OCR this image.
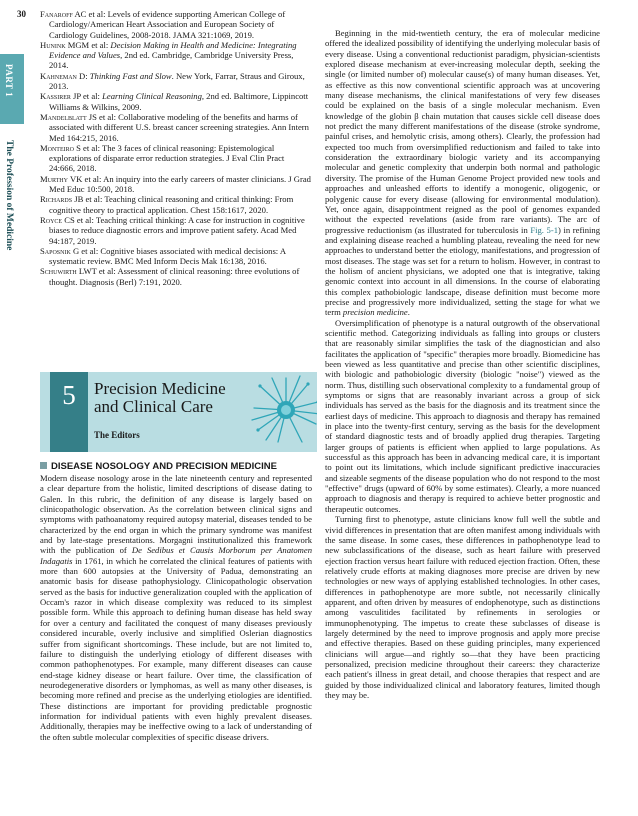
30
PART 1
The Profession of Medicine
Fanaroff AC et al: Levels of evidence supporting American College of Cardiology/American Heart Association and European Society of Cardiology Guidelines, 2008-2018. JAMA 321:1069, 2019.
Hunink MGM et al: Decision Making in Health and Medicine: Integrating Evidence and Values, 2nd ed. Cambridge, Cambridge University Press, 2014.
Kahneman D: Thinking Fast and Slow. New York, Farrar, Straus and Giroux, 2013.
Kassirer JP et al: Learning Clinical Reasoning, 2nd ed. Baltimore, Lippincott Williams & Wilkins, 2009.
Mandelblatt JS et al: Collaborative modeling of the benefits and harms of associated with different U.S. breast cancer screening strategies. Ann Intern Med 164:215, 2016.
Monteiro S et al: The 3 faces of clinical reasoning: Epistemological explorations of disparate error reduction strategies. J Eval Clin Pract 24:666, 2018.
Murthy VK et al: An inquiry into the early careers of master clinicians. J Grad Med Educ 10:500, 2018.
Richards JB et al: Teaching clinical reasoning and critical thinking: From cognitive theory to practical application. Chest 158:1617, 2020.
Royce CS et al: Teaching critical thinking: A case for instruction in cognitive biases to reduce diagnostic errors and improve patient safety. Acad Med 94:187, 2019.
Saposnik G et al: Cognitive biases associated with medical decisions: A systematic review. BMC Med Inform Decis Mak 16:138, 2016.
Schuwirth LWT et al: Assessment of clinical reasoning: three evolutions of thought. Diagnosis (Berl) 7:191, 2020.
5	Precision Medicine and Clinical Care
The Editors
DISEASE NOSOLOGY AND PRECISION MEDICINE

Modern disease nosology arose in the late nineteenth century and represented a clear departure from the holistic, limited descriptions of disease dating to Galen. In this rubric, the definition of any disease is largely based on clinicopathologic observation. As the correlation between clinical signs and symptoms with pathoanatomy required autopsy material, diseases tended to be characterized by the end organ in which the primary syndrome was manifest and by late-stage presentations. Morgagni institutionalized this framework with the publication of De Sedibus et Causis Morborum per Anatomen Indagatis in 1761, in which he correlated the clinical features of patients with more than 600 autopsies at the University of Padua, demonstrating an anatomic basis for disease pathophysiology. Clinicopathologic observation served as the basis for inductive generalization coupled with the application of Occam's razor in which disease complexity was reduced to its simplest possible form. While this approach to defining human disease has held sway for over a century and facilitated the conquest of many diseases previously considered incurable, overly inclusive and simplified Oslerian diagnostics suffer from significant shortcomings. These include, but are not limited to, failure to distinguish the underlying etiology of different diseases with common pathophenotypes. For example, many different diseases can cause end-stage kidney disease or heart failure. Over time, the classification of neurodegenerative disorders or lymphomas, as well as many other diseases, is becoming more refined and precise as the underlying etiologies are identified. These distinctions are important for providing predictable prognostic information for individual patients with even highly prevalent diseases. Additionally, therapies may be ineffective owing to a lack of understanding of the often subtle molecular complexities of specific disease drivers.

Beginning in the mid-twentieth century, the era of molecular medicine offered the idealized possibility of identifying the underlying molecular basis of every disease. Using a conventional reductionist paradigm, physician-scientists explored disease mechanism at ever-increasing molecular depth, seeking the single (or limited number of) molecular cause(s) of many human diseases. Yet, as effective as this now conventional scientific approach was at uncovering many disease mechanisms, the clinical manifestations of very few diseases could be explained on the basis of a single molecular mechanism. Even knowledge of the globin β chain mutation that causes sickle cell disease does not predict the many different manifestations of the disease (stroke syndrome, painful crises, and hemolytic crisis, among others). Clearly, the profession had expected too much from oversimplified reductionism and failed to take into consideration the extraordinary biologic variety and its accompanying molecular and genetic complexity that underpin both normal and pathologic diversity. The promise of the Human Genome Project provided new tools and approaches and unleashed efforts to identify a monogenic, oligogenic, or polygenic cause for every disease (allowing for environmental modulation). Yet, once again, disappointment reigned as the pool of genomes expanded without the expected revelations (aside from rare variants). The arc of progressive reductionism (as illustrated for tuberculosis in Fig. 5-1) in refining and explaining disease reached a humbling plateau, revealing the need for new approaches to understand better the etiology, manifestations, and progression of most diseases. The stage was set for a return to holism. However, in contrast to the holism of ancient physicians, we adopted one that is integrative, taking genomic context into account in all dimensions. In the course of elaborating this complex pathobiologic landscape, disease definition must become more precise and progressively more individualized, setting the stage for what we term precision medicine.

Oversimplification of phenotype is a natural outgrowth of the observational scientific method. Categorizing individuals as falling into groups or clusters that are reasonably similar simplifies the task of the diagnostician and also facilitates the application of "specific" therapies more broadly. Biomedicine has been viewed as less quantitative and precise than other scientific disciplines, with biologic and pathobiologic diversity (biologic "noise") viewed as the norm. Thus, distilling such observational complexity to a fundamental group of symptoms or signs that are reasonably invariant across a group of sick individuals has served as the basis for the diagnosis and its treatment since the earliest days of medicine. This approach to diagnosis and therapy has remained in place into the twenty-first century, serving as the basis for the development of standard diagnostic tests and of broadly applied drug therapies. Targeting larger groups of patients is efficient when applied to large populations. As successful as this approach has been in advancing medical care, it is important to point out its limitations, which include significant predictive inaccuracies and sizeable segments of the disease population who do not respond to the most "effective" drugs (upward of 60% by some estimates). Clearly, a more nuanced approach to diagnosis and therapy is required to achieve better prognostic and therapeutic outcomes.

Turning first to phenotype, astute clinicians know full well the subtle and vivid differences in presentation that are often manifest among individuals with the same disease. In some cases, these differences in pathophenotype lead to new subclassifications of the disease, such as heart failure with preserved ejection fraction versus heart failure with reduced ejection fraction. Often, these relatively crude efforts at making diagnoses more precise are driven by new technologies or new ways of applying established technologies. In other cases, differences in pathophenotype are more subtle, not necessarily clinically apparent, and often driven by measures of endophenotype, such as distinctions among vasculitides facilitated by refinements in serologies or immunophenotyping. The impetus to create these subclasses of disease is largely determined by the need to improve prognosis and apply more precise and effective therapies. Based on these guiding principles, many experienced clinicians will argue—and rightly so—that they have been practicing personalized, precision medicine throughout their careers: they characterize each patient's illness in great detail, and choose therapies that respect and are guided by those individualized clinical and laboratory features, limited though they may be.
